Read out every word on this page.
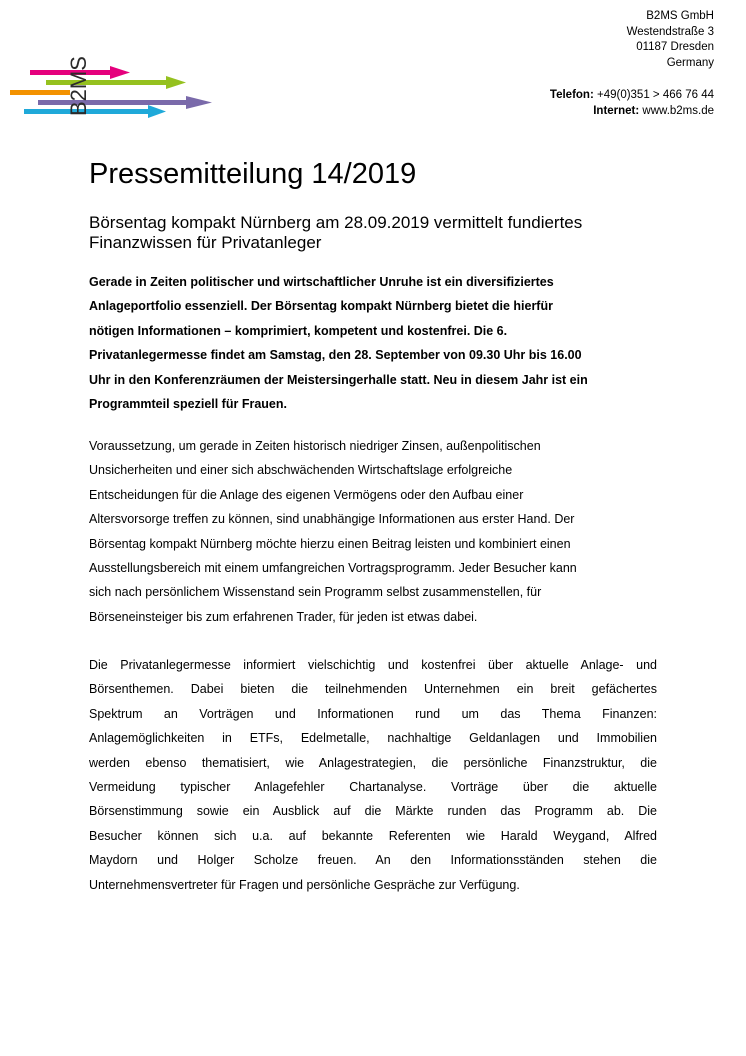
B2MS
B2MS GmbH
Westendstraße 3
01187 Dresden
Germany
Telefon: +49(0)351 > 466 76 44
Internet: www.b2ms.de
Pressemitteilung 14/2019
Börsentag kompakt Nürnberg am 28.09.2019 vermittelt fundiertes
Finanzwissen für Privatanleger
Gerade in Zeiten politischer und wirtschaftlicher Unruhe ist ein diversifiziertes
Anlageportfolio essenziell. Der Börsentag kompakt Nürnberg bietet die hierfür
nötigen Informationen – komprimiert, kompetent und kostenfrei. Die 6.
Privatanlegermesse findet am Samstag, den 28. September von 09.30 Uhr bis 16.00
Uhr in den Konferenzräumen der Meistersingerhalle statt. Neu in diesem Jahr ist ein
Programmteil speziell für Frauen.
Voraussetzung, um gerade in Zeiten historisch niedriger Zinsen, außenpolitischen
Unsicherheiten und einer sich abschwächenden Wirtschaftslage erfolgreiche
Entscheidungen für die Anlage des eigenen Vermögens oder den Aufbau einer
Altersvorsorge treffen zu können, sind unabhängige Informationen aus erster Hand. Der
Börsentag kompakt Nürnberg möchte hierzu einen Beitrag leisten und kombiniert einen
Ausstellungsbereich mit einem umfangreichen Vortragsprogramm. Jeder Besucher kann
sich nach persönlichem Wissenstand sein Programm selbst zusammenstellen, für
Börseneinsteiger bis zum erfahrenen Trader, für jeden ist etwas dabei.
Die Privatanlegermesse informiert vielschichtig und kostenfrei über aktuelle Anlage- und
Börsenthemen. Dabei bieten die teilnehmenden Unternehmen ein breit gefächertes
Spektrum an Vorträgen und Informationen rund um das Thema Finanzen:
Anlagemöglichkeiten in ETFs, Edelmetalle, nachhaltige Geldanlagen und Immobilien
werden ebenso thematisiert, wie Anlagestrategien, die persönliche Finanzstruktur, die
Vermeidung typischer Anlagefehler Chartanalyse. Vorträge über die aktuelle
Börsenstimmung sowie ein Ausblick auf die Märkte runden das Programm ab. Die
Besucher können sich u.a. auf bekannte Referenten wie Harald Weygand, Alfred
Maydorn und Holger Scholze freuen. An den Informationsständen stehen die
Unternehmensvertreter für Fragen und persönliche Gespräche zur Verfügung.
